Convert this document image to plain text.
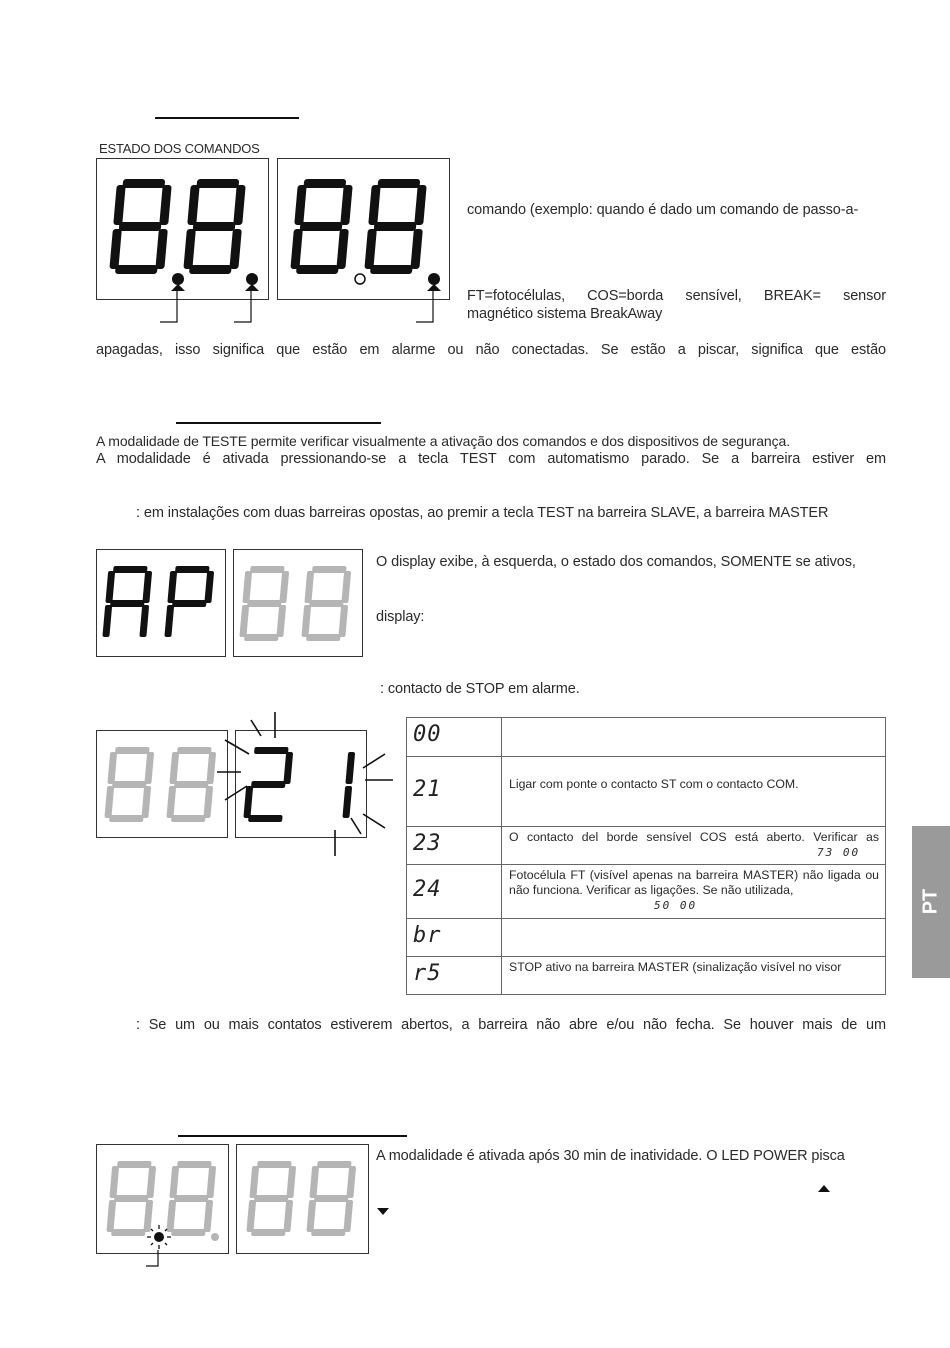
ESTADO DOS COMANDOS
comando (exemplo: quando é dado um comando de passo-a-
FT=fotocélulas, COS=borda sensível, BREAK= sensor
magnético sistema BreakAway
apagadas, isso significa que estão em alarme ou não conectadas. Se estão a piscar, significa que estão
A modalidade de TESTE permite verificar visualmente a ativação dos comandos e dos dispositivos de segurança.
A modalidade é ativada pressionando-se a tecla TEST com automatismo parado. Se a barreira estiver em
: em instalações com duas barreiras opostas, ao premir a tecla TEST na barreira SLAVE, a barreira MASTER
O display exibe, à esquerda, o estado dos comandos, SOMENTE se ativos,
display:
: contacto de STOP em alarme.
00	

21	Ligar com ponte o contacto ST com o contacto COM.

23	O contacto del borde sensível COS está aberto. Verificar as
73 00

24	Fotocélula FT (visível apenas na barreira MASTER) não ligada ou não funciona. Verificar as ligações. Se não utilizada,
50 00

br	

r5	STOP ativo na barreira MASTER (sinalização visível no visor
PT
: Se um ou mais contatos estiverem abertos, a barreira não abre e/ou não fecha. Se houver mais de um
A modalidade é ativada após 30 min de inatividade. O LED POWER pisca
